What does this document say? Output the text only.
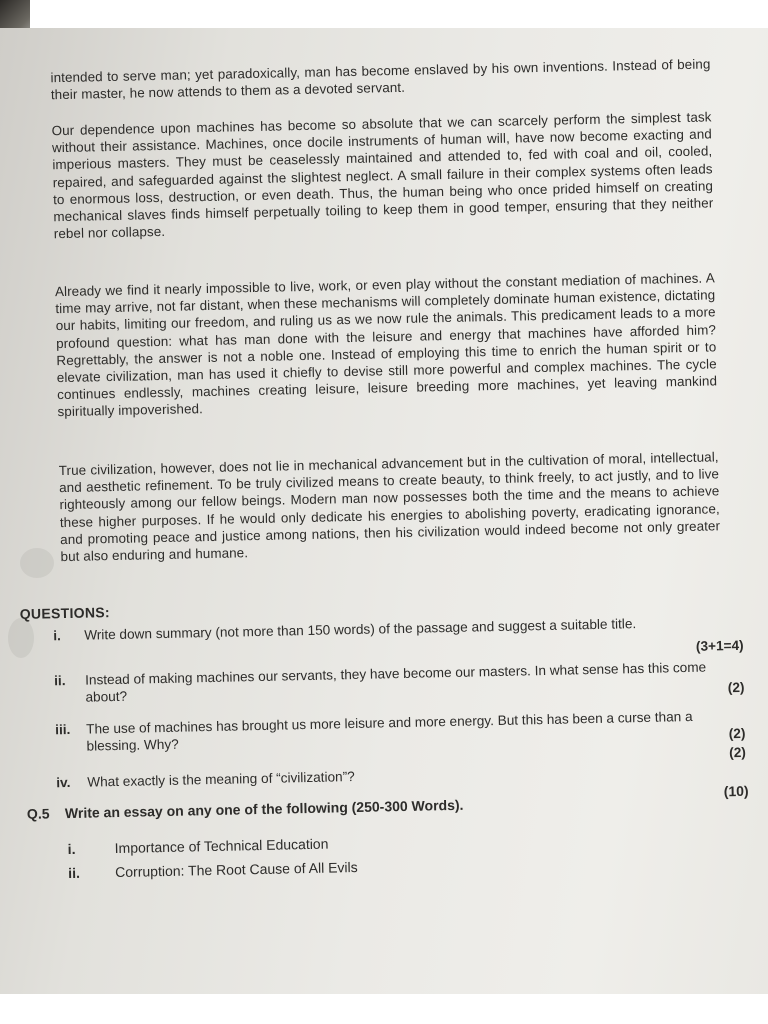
intended to serve man; yet paradoxically, man has become enslaved by his own inventions. Instead of being their master, he now attends to them as a devoted servant.

Our dependence upon machines has become so absolute that we can scarcely perform the simplest task without their assistance. Machines, once docile instruments of human will, have now become exacting and imperious masters. They must be ceaselessly maintained and attended to, fed with coal and oil, cooled, repaired, and safeguarded against the slightest neglect. A small failure in their complex systems often leads to enormous loss, destruction, or even death. Thus, the human being who once prided himself on creating mechanical slaves finds himself perpetually toiling to keep them in good temper, ensuring that they neither rebel nor collapse.

Already we find it nearly impossible to live, work, or even play without the constant mediation of machines. A time may arrive, not far distant, when these mechanisms will completely dominate human existence, dictating our habits, limiting our freedom, and ruling us as we now rule the animals. This predicament leads to a more profound question: what has man done with the leisure and energy that machines have afforded him? Regrettably, the answer is not a noble one. Instead of employing this time to enrich the human spirit or to elevate civilization, man has used it chiefly to devise still more powerful and complex machines. The cycle continues endlessly, machines creating leisure, leisure breeding more machines, yet leaving mankind spiritually impoverished.

True civilization, however, does not lie in mechanical advancement but in the cultivation of moral, intellectual, and aesthetic refinement. To be truly civilized means to create beauty, to think freely, to act justly, and to live righteously among our fellow beings. Modern man now possesses both the time and the means to achieve these higher purposes. If he would only dedicate his energies to abolishing poverty, eradicating ignorance, and promoting peace and justice among nations, then his civilization would indeed become not only greater but also enduring and humane.

QUESTIONS:
i.	Write down summary (not more than 150 words) of the passage and suggest a suitable title.
(3+1=4)
ii.	Instead of making machines our servants, they have become our masters. In what sense has this come about?
(2)
iii.	The use of machines has brought us more leisure and more energy. But this has been a curse than a blessing. Why?
(2)
iv.	What exactly is the meaning of “civilization”?
(2)
Q.5 Write an essay on any one of the following (250-300 Words).
(10)
i.	Importance of Technical Education
ii. Corruption: The Root Cause of All Evils
